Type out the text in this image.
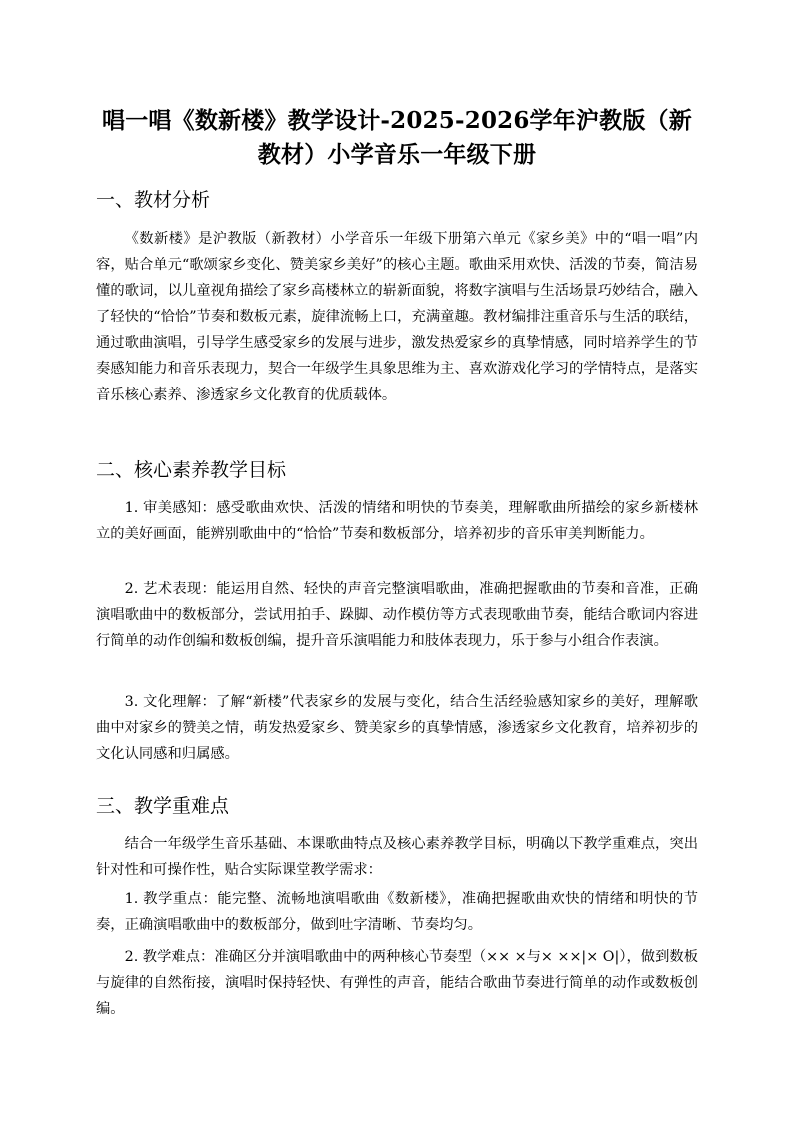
唱一唱《数新楼》教学设计-2025-2026学年沪教版（新教材）小学音乐一年级下册
一、教材分析

《数新楼》是沪教版（新教材）小学音乐一年级下册第六单元《家乡美》中的“唱一唱”内容，贴合单元“歌颂家乡变化、赞美家乡美好”的核心主题。歌曲采用欢快、活泼的节奏，简洁易懂的歌词，以儿童视角描绘了家乡高楼林立的崭新面貌，将数字演唱与生活场景巧妙结合，融入了轻快的“恰恰”节奏和数板元素，旋律流畅上口，充满童趣。教材编排注重音乐与生活的联结，通过歌曲演唱，引导学生感受家乡的发展与进步，激发热爱家乡的真挚情感，同时培养学生的节奏感知能力和音乐表现力，契合一年级学生具象思维为主、喜欢游戏化学习的学情特点，是落实音乐核心素养、渗透家乡文化教育的优质载体。

二、核心素养教学目标

1. 审美感知：感受歌曲欢快、活泼的情绪和明快的节奏美，理解歌曲所描绘的家乡新楼林立的美好画面，能辨别歌曲中的“恰恰”节奏和数板部分，培养初步的音乐审美判断能力。

2. 艺术表现：能运用自然、轻快的声音完整演唱歌曲，准确把握歌曲的节奏和音准，正确演唱歌曲中的数板部分，尝试用拍手、跺脚、动作模仿等方式表现歌曲节奏，能结合歌词内容进行简单的动作创编和数板创编，提升音乐演唱能力和肢体表现力，乐于参与小组合作表演。

3. 文化理解：了解“新楼”代表家乡的发展与变化，结合生活经验感知家乡的美好，理解歌曲中对家乡的赞美之情，萌发热爱家乡、赞美家乡的真挚情感，渗透家乡文化教育，培养初步的文化认同感和归属感。

三、教学重难点

结合一年级学生音乐基础、本课歌曲特点及核心素养教学目标，明确以下教学重难点，突出针对性和可操作性，贴合实际课堂教学需求：

1. 教学重点：能完整、流畅地演唱歌曲《数新楼》，准确把握歌曲欢快的情绪和明快的节奏，正确演唱歌曲中的数板部分，做到吐字清晰、节奏均匀。

2. 教学难点：准确区分并演唱歌曲中的两种核心节奏型（×× ×与× ××|× O|），做到数板与旋律的自然衔接，演唱时保持轻快、有弹性的声音，能结合歌曲节奏进行简单的动作或数板创编。
